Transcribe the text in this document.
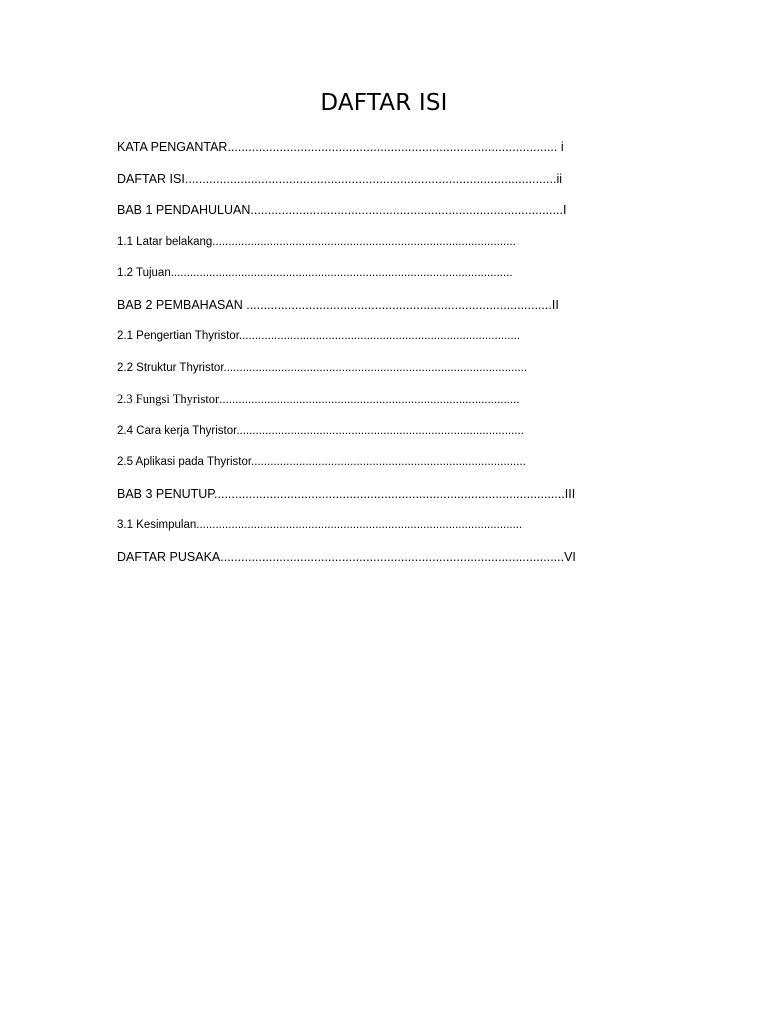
DAFTAR ISI
KATA PENGANTAR............................................................................................... i
DAFTAR ISI...........................................................................................................ii
BAB 1 PENDAHULUAN..........................................................................................I
1.1 Latar belakang...............................................................................................
1.2 Tujuan...........................................................................................................
BAB 2 PEMBAHASAN ........................................................................................II
2.1 Pengertian Thyristor........................................................................................
2.2 Struktur Thyristor...............................................................................................
2.3 Fungsi Thyristor..............................................................................................
2.4 Cara kerja Thyristor..........................................................................................
2.5 Aplikasi pada Thyristor......................................................................................
BAB 3 PENUTUP.....................................................................................................III
3.1 Kesimpulan......................................................................................................
DAFTAR PUSAKA...................................................................................................VI
